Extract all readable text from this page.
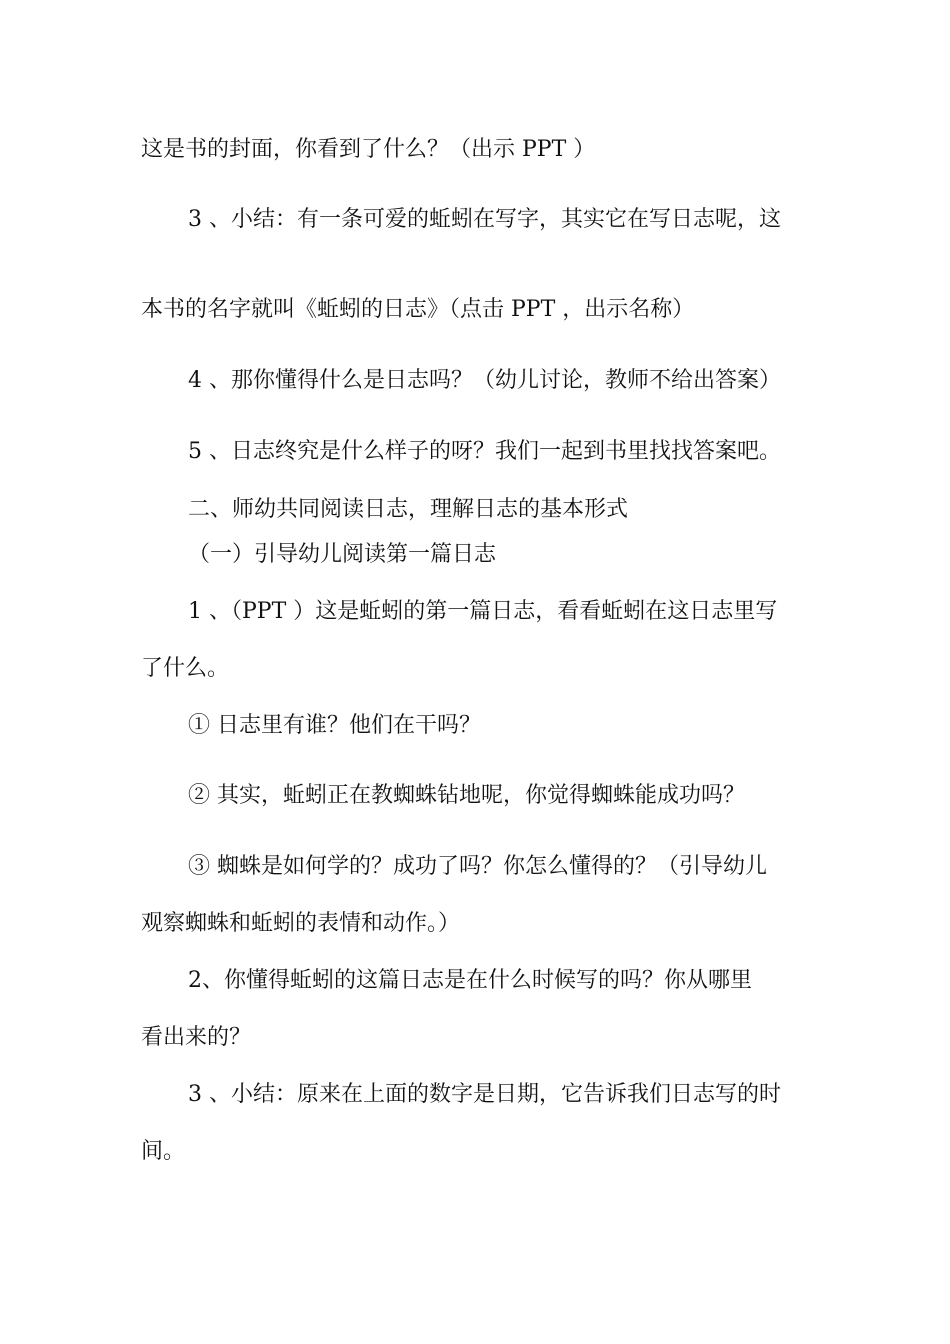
这是书的封面，你看到了什么？（出示 PPT ）

3 、小结：有一条可爱的蚯蚓在写字，其实它在写日志呢，这

本书的名字就叫《蚯蚓的日志》（点击 PPT ，出示名称）

4 、那你懂得什么是日志吗？（幼儿讨论，教师不给出答案）

5 、日志终究是什么样子的呀？我们一起到书里找找答案吧。

二、师幼共同阅读日志，理解日志的基本形式

（一）引导幼儿阅读第一篇日志

1 、（PPT ）这是蚯蚓的第一篇日志，看看蚯蚓在这日志里写

了什么。

① 日志里有谁？他们在干吗？

② 其实，蚯蚓正在教蜘蛛钻地呢，你觉得蜘蛛能成功吗？

③ 蜘蛛是如何学的？成功了吗？你怎么懂得的？（引导幼儿

观察蜘蛛和蚯蚓的表情和动作。）

2、你懂得蚯蚓的这篇日志是在什么时候写的吗？你从哪里

看出来的？

3 、小结：原来在上面的数字是日期，它告诉我们日志写的时

间。
